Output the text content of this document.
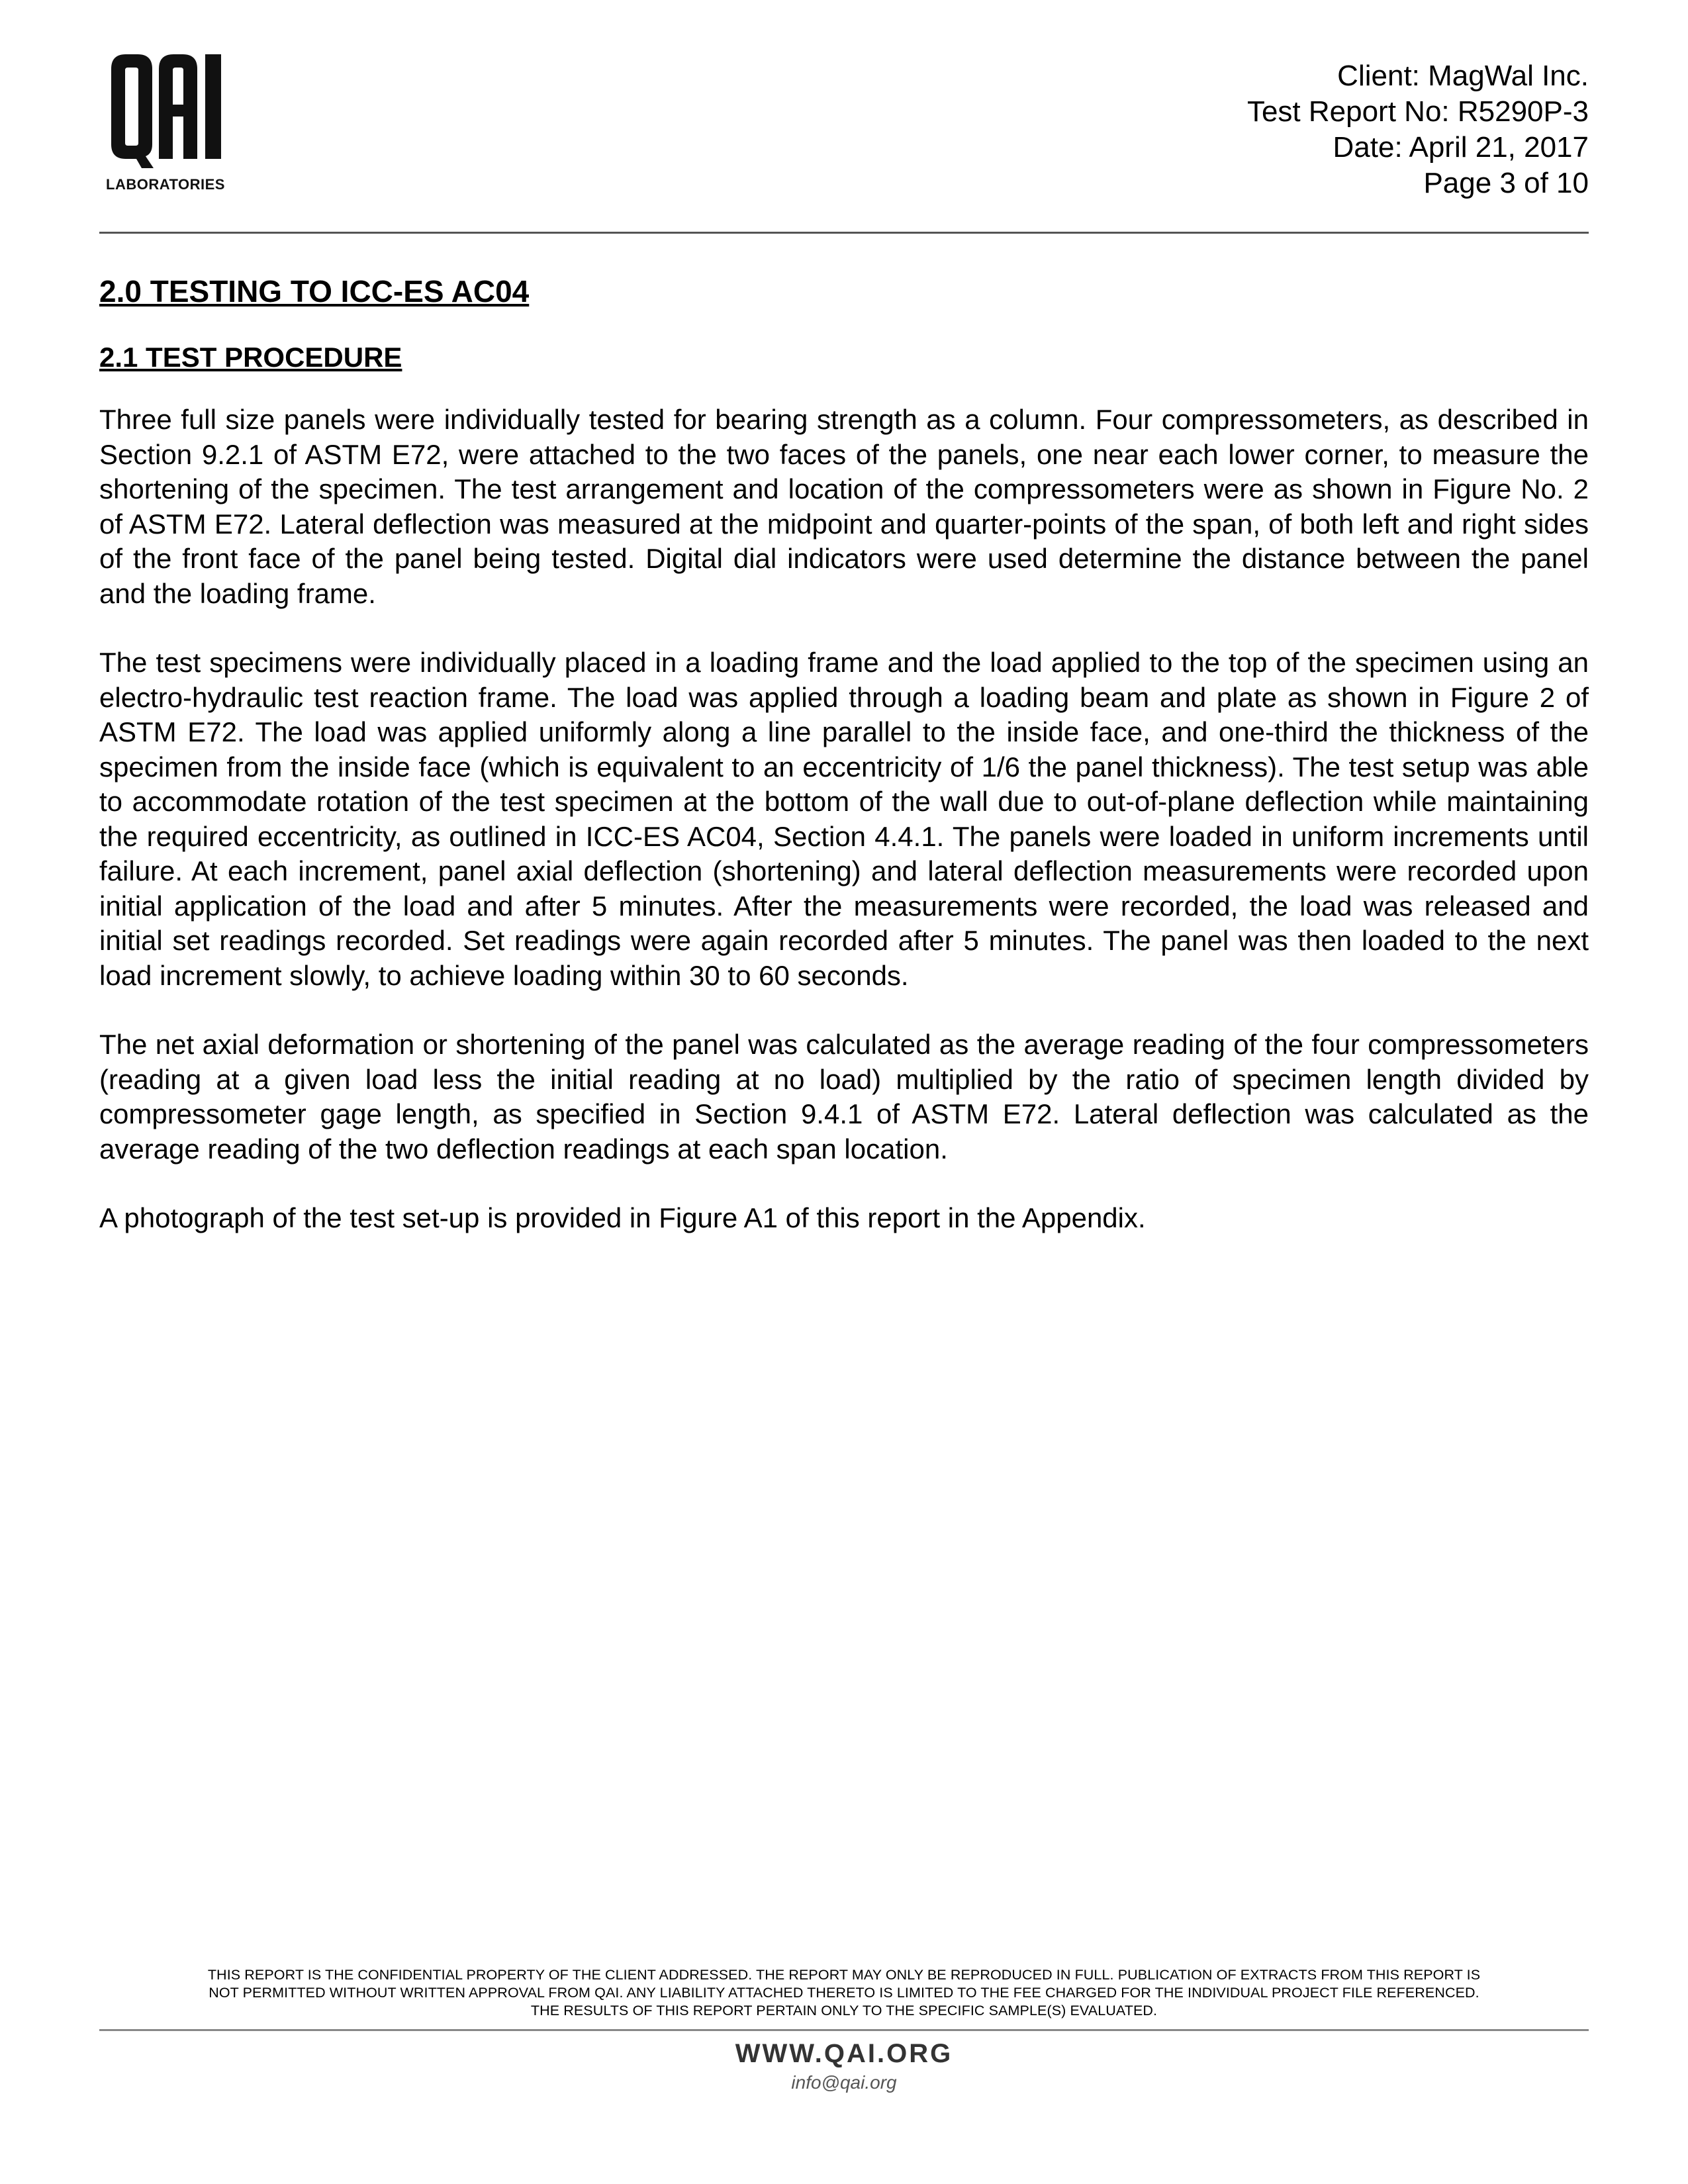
LABORATORIES
Client: MagWal Inc.
Test Report No: R5290P-3
Date: April 21, 2017
Page 3 of 10
2.0 TESTING TO ICC-ES AC04
2.1 TEST PROCEDURE

Three full size panels were individually tested for bearing strength as a column. Four compressometers, as described in Section 9.2.1 of ASTM E72, were attached to the two faces of the panels, one near each lower corner, to measure the shortening of the specimen. The test arrangement and location of the compressometers were as shown in Figure No. 2 of ASTM E72. Lateral deflection was measured at the midpoint and quarter-points of the span, of both left and right sides of the front face of the panel being tested. Digital dial indicators were used determine the distance between the panel and the loading frame.

The test specimens were individually placed in a loading frame and the load applied to the top of the specimen using an electro-hydraulic test reaction frame. The load was applied through a loading beam and plate as shown in Figure 2 of ASTM E72. The load was applied uniformly along a line parallel to the inside face, and one-third the thickness of the specimen from the inside face (which is equivalent to an eccentricity of 1/6 the panel thickness). The test setup was able to accommodate rotation of the test specimen at the bottom of the wall due to out-of-plane deflection while maintaining the required eccentricity, as outlined in ICC-ES AC04, Section 4.4.1. The panels were loaded in uniform increments until failure. At each increment, panel axial deflection (shortening) and lateral deflection measurements were recorded upon initial application of the load and after 5 minutes. After the measurements were recorded, the load was released and initial set readings recorded. Set readings were again recorded after 5 minutes. The panel was then loaded to the next load increment slowly, to achieve loading within 30 to 60 seconds.

The net axial deformation or shortening of the panel was calculated as the average reading of the four compressometers (reading at a given load less the initial reading at no load) multiplied by the ratio of specimen length divided by compressometer gage length, as specified in Section 9.4.1 of ASTM E72. Lateral deflection was calculated as the average reading of the two deflection readings at each span location.

A photograph of the test set-up is provided in Figure A1 of this report in the Appendix.

THIS REPORT IS THE CONFIDENTIAL PROPERTY OF THE CLIENT ADDRESSED. THE REPORT MAY ONLY BE REPRODUCED IN FULL. PUBLICATION OF EXTRACTS FROM THIS REPORT IS
NOT PERMITTED WITHOUT WRITTEN APPROVAL FROM QAI. ANY LIABILITY ATTACHED THERETO IS LIMITED TO THE FEE CHARGED FOR THE INDIVIDUAL PROJECT FILE REFERENCED.
THE RESULTS OF THIS REPORT PERTAIN ONLY TO THE SPECIFIC SAMPLE(S) EVALUATED.
WWW.QAI.ORG
info@qai.org
